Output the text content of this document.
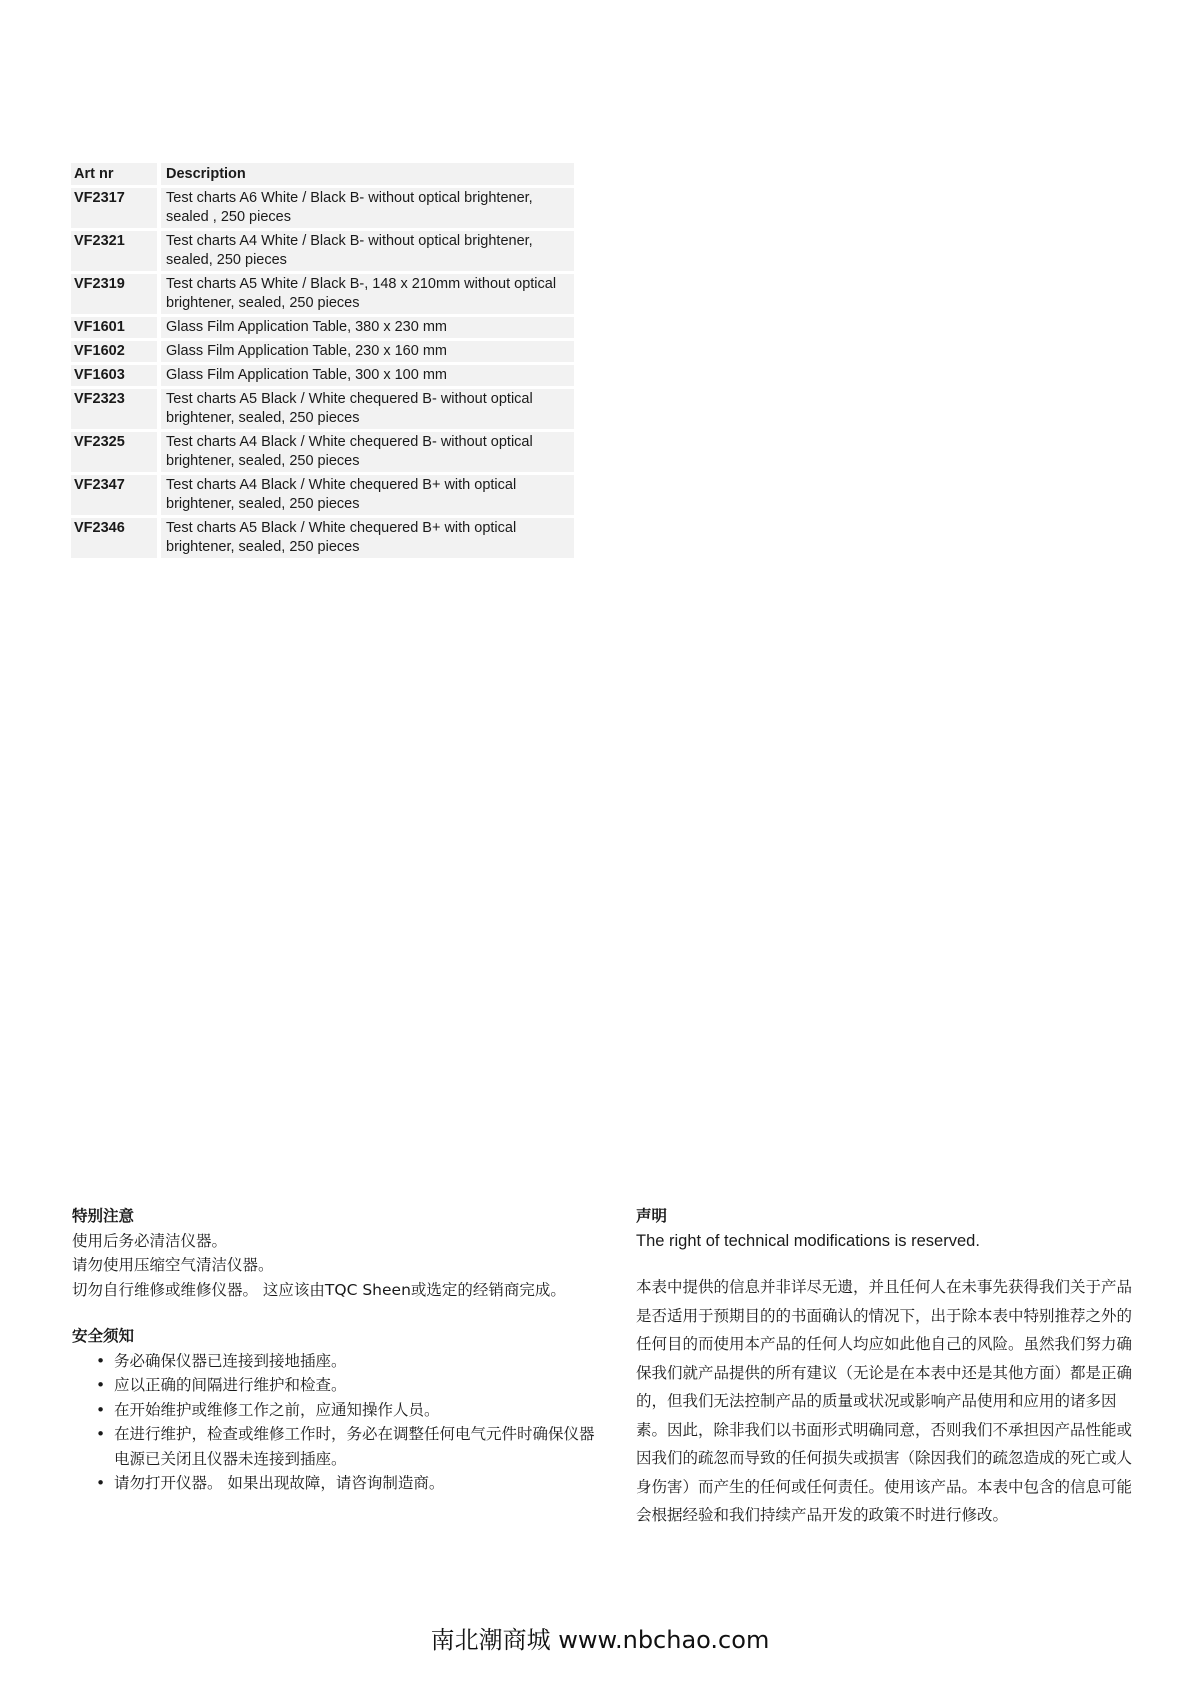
Art nr	Description
VF2317	Test charts A6 White / Black B- without optical brightener, sealed , 250 pieces
VF2321	Test charts A4 White / Black B- without optical brightener, sealed, 250 pieces
VF2319	Test charts A5 White / Black B-, 148 x 210mm without optical brightener, sealed, 250 pieces
VF1601	Glass Film Application Table, 380 x 230 mm
VF1602	Glass Film Application Table, 230 x 160 mm
VF1603	Glass Film Application Table, 300 x 100 mm
VF2323	Test charts A5 Black / White chequered B- without optical brightener, sealed, 250 pieces
VF2325	Test charts A4 Black / White chequered B- without optical brightener, sealed, 250 pieces
VF2347	Test charts A4 Black / White chequered B+ with optical brightener, sealed, 250 pieces
VF2346	Test charts A5 Black / White chequered B+ with optical brightener, sealed, 250 pieces

特别注意

使用后务必清洁仪器。

请勿使用压缩空气清洁仪器。

切勿自行维修或维修仪器。 这应该由TQC Sheen或选定的经销商完成。

安全须知

• 务必确保仪器已连接到接地插座。
• 应以正确的间隔进行维护和检查。
• 在开始维护或维修工作之前，应通知操作人员。
• 在进行维护，检查或维修工作时，务必在调整任何电气元件时确保仪器电源已关闭且仪器未连接到插座。
• 请勿打开仪器。 如果出现故障，请咨询制造商。

声明

The right of technical modifications is reserved.

本表中提供的信息并非详尽无遗，并且任何人在未事先获得我们关于产品是否适用于预期目的的书面确认的情况下，出于除本表中特别推荐之外的任何目的而使用本产品的任何人均应如此他自己的风险。虽然我们努力确保我们就产品提供的所有建议（无论是在本表中还是其他方面）都是正确的，但我们无法控制产品的质量或状况或影响产品使用和应用的诸多因素。因此，除非我们以书面形式明确同意，否则我们不承担因产品性能或因我们的疏忽而导致的任何损失或损害（除因我们的疏忽造成的死亡或人身伤害）而产生的任何或任何责任。使用该产品。本表中包含的信息可能会根据经验和我们持续产品开发的政策不时进行修改。

南北潮商城 www.nbchao.com
